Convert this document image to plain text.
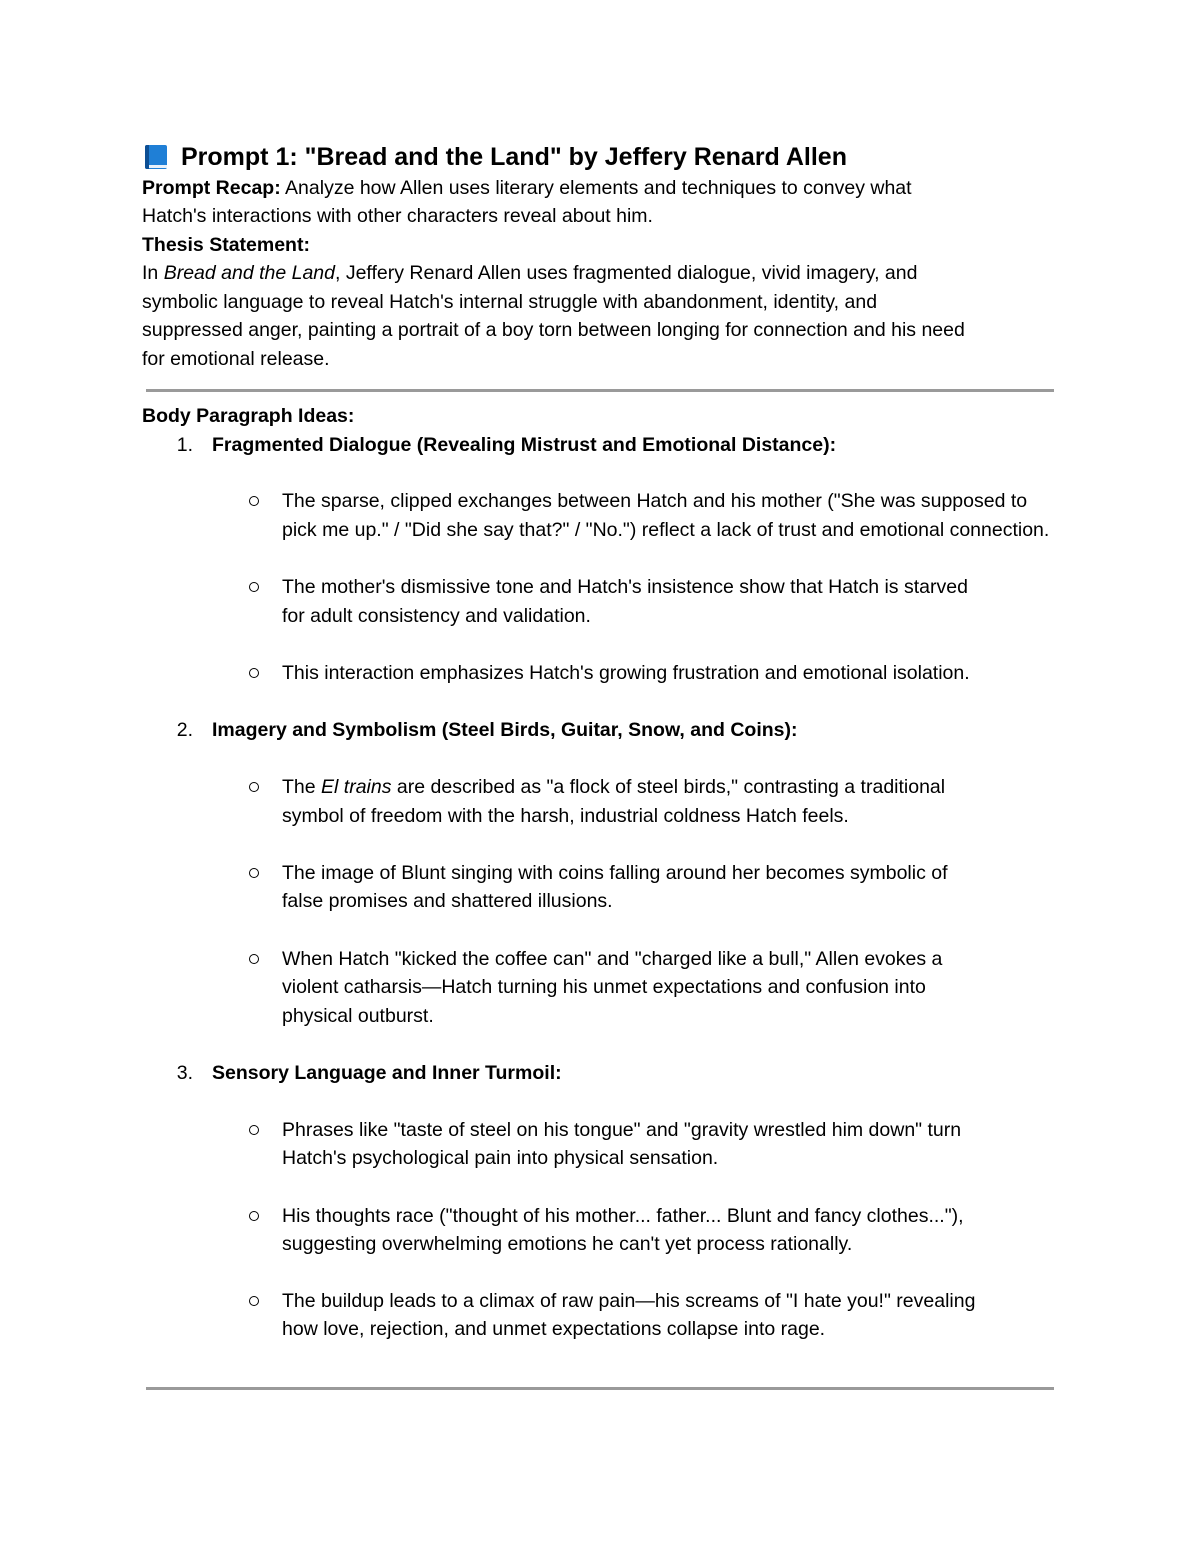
Prompt 1: "Bread and the Land" by Jeffery Renard Allen
Prompt Recap: Analyze how Allen uses literary elements and techniques to convey what
Hatch's interactions with other characters reveal about him.
Thesis Statement:
In Bread and the Land, Jeffery Renard Allen uses fragmented dialogue, vivid imagery, and
symbolic language to reveal Hatch's internal struggle with abandonment, identity, and
suppressed anger, painting a portrait of a boy torn between longing for connection and his need
for emotional release.
Body Paragraph Ideas:
1. Fragmented Dialogue (Revealing Mistrust and Emotional Distance):
The sparse, clipped exchanges between Hatch and his mother ("She was supposed to
pick me up." / "Did she say that?" / "No.") reflect a lack of trust and emotional connection.
The mother's dismissive tone and Hatch's insistence show that Hatch is starved
for adult consistency and validation.
This interaction emphasizes Hatch's growing frustration and emotional isolation.
2. Imagery and Symbolism (Steel Birds, Guitar, Snow, and Coins):
The El trains are described as "a flock of steel birds," contrasting a traditional
symbol of freedom with the harsh, industrial coldness Hatch feels.
The image of Blunt singing with coins falling around her becomes symbolic of
false promises and shattered illusions.
When Hatch "kicked the coffee can" and "charged like a bull," Allen evokes a
violent catharsis—Hatch turning his unmet expectations and confusion into
physical outburst.
3. Sensory Language and Inner Turmoil:
Phrases like "taste of steel on his tongue" and "gravity wrestled him down" turn
Hatch's psychological pain into physical sensation.
His thoughts race ("thought of his mother... father... Blunt and fancy clothes..."),
suggesting overwhelming emotions he can't yet process rationally.
The buildup leads to a climax of raw pain—his screams of "I hate you!" revealing
how love, rejection, and unmet expectations collapse into rage.
